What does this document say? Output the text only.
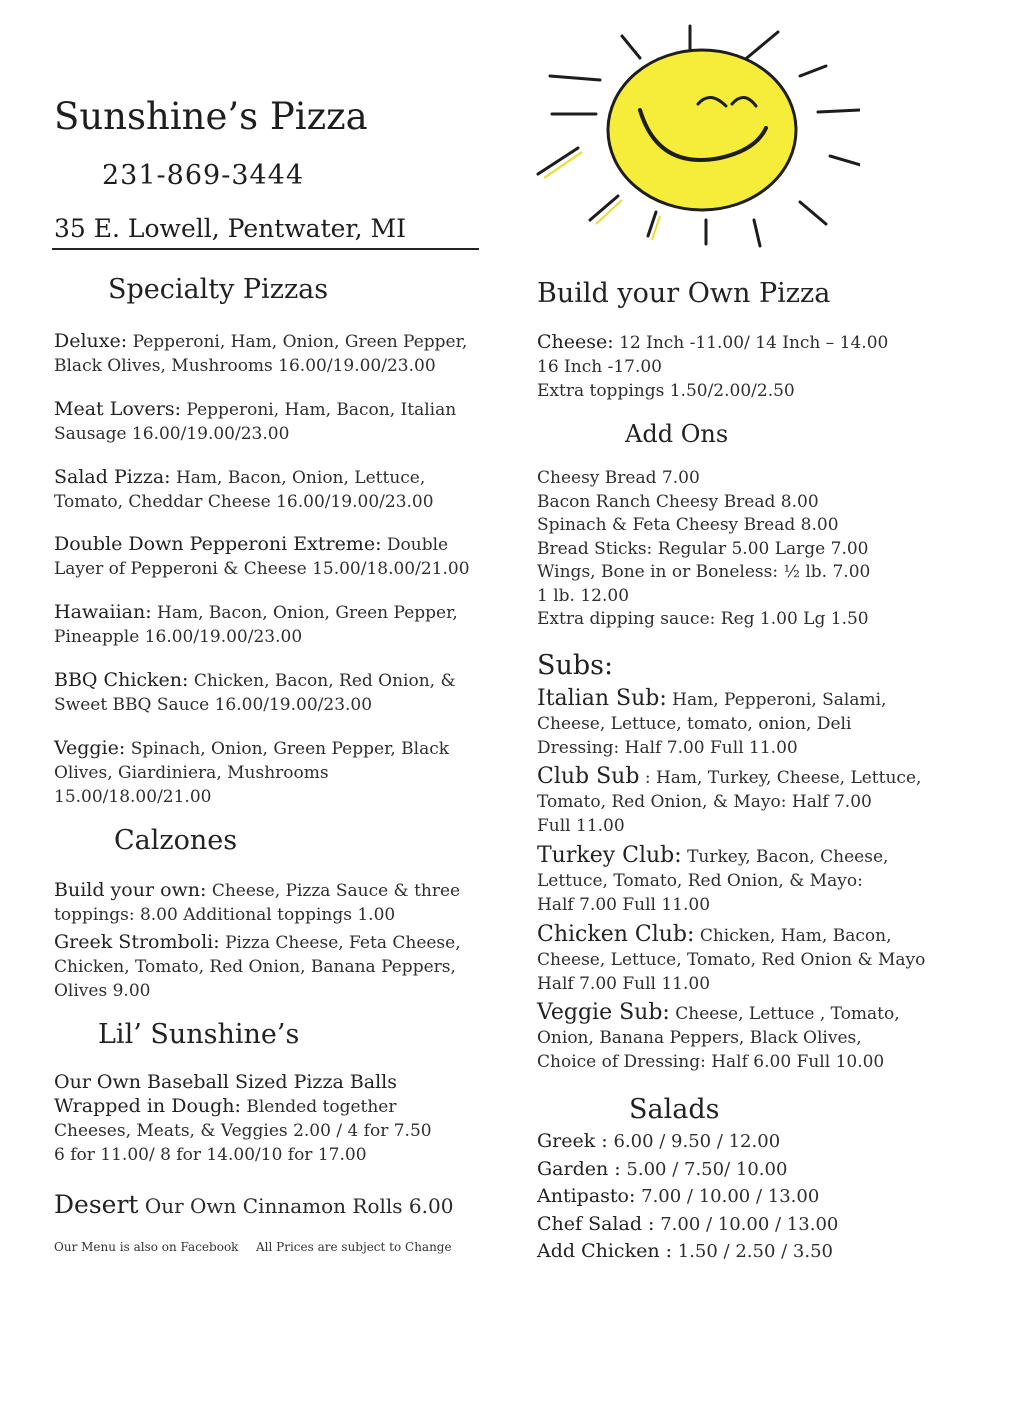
Sunshine’s Pizza
231-869-3444
35 E. Lowell, Pentwater, MI
Specialty Pizzas
Deluxe: Pepperoni, Ham, Onion, Green Pepper,
Black Olives, Mushrooms 16.00/19.00/23.00
Meat Lovers: Pepperoni, Ham, Bacon, Italian
Sausage 16.00/19.00/23.00
Salad Pizza: Ham, Bacon, Onion, Lettuce,
Tomato, Cheddar Cheese 16.00/19.00/23.00
Double Down Pepperoni Extreme: Double
Layer of Pepperoni & Cheese 15.00/18.00/21.00
Hawaiian: Ham, Bacon, Onion, Green Pepper,
Pineapple 16.00/19.00/23.00
BBQ Chicken: Chicken, Bacon, Red Onion, &
Sweet BBQ Sauce 16.00/19.00/23.00
Veggie: Spinach, Onion, Green Pepper, Black
Olives, Giardiniera, Mushrooms
15.00/18.00/21.00
Calzones
Build your own: Cheese, Pizza Sauce & three
toppings: 8.00 Additional toppings 1.00
Greek Stromboli: Pizza Cheese, Feta Cheese,
Chicken, Tomato, Red Onion, Banana Peppers,
Olives 9.00
Lil’ Sunshine’s
Our Own Baseball Sized Pizza Balls
Wrapped in Dough: Blended together
Cheeses, Meats, & Veggies 2.00 / 4 for 7.50
6 for 11.00/ 8 for 14.00/10 for 17.00
Desert Our Own Cinnamon Rolls 6.00
Our Menu is also on Facebook All Prices are subject to Change
Build your Own Pizza
Cheese: 12 Inch -11.00/ 14 Inch – 14.00
16 Inch -17.00
Extra toppings 1.50/2.00/2.50
Add Ons
Cheesy Bread 7.00
Bacon Ranch Cheesy Bread 8.00
Spinach & Feta Cheesy Bread 8.00
Bread Sticks: Regular 5.00 Large 7.00
Wings, Bone in or Boneless: ½ lb. 7.00
1 lb. 12.00
Extra dipping sauce: Reg 1.00 Lg 1.50
Subs:
Italian Sub: Ham, Pepperoni, Salami,
Cheese, Lettuce, tomato, onion, Deli
Dressing: Half 7.00 Full 11.00
Club Sub : Ham, Turkey, Cheese, Lettuce,
Tomato, Red Onion, & Mayo: Half 7.00
Full 11.00
Turkey Club: Turkey, Bacon, Cheese,
Lettuce, Tomato, Red Onion, & Mayo:
Half 7.00 Full 11.00
Chicken Club: Chicken, Ham, Bacon,
Cheese, Lettuce, Tomato, Red Onion & Mayo
Half 7.00 Full 11.00
Veggie Sub: Cheese, Lettuce , Tomato,
Onion, Banana Peppers, Black Olives,
Choice of Dressing: Half 6.00 Full 10.00
Salads
Greek : 6.00 / 9.50 / 12.00
Garden : 5.00 / 7.50/ 10.00
Antipasto: 7.00 / 10.00 / 13.00
Chef Salad : 7.00 / 10.00 / 13.00
Add Chicken : 1.50 / 2.50 / 3.50
